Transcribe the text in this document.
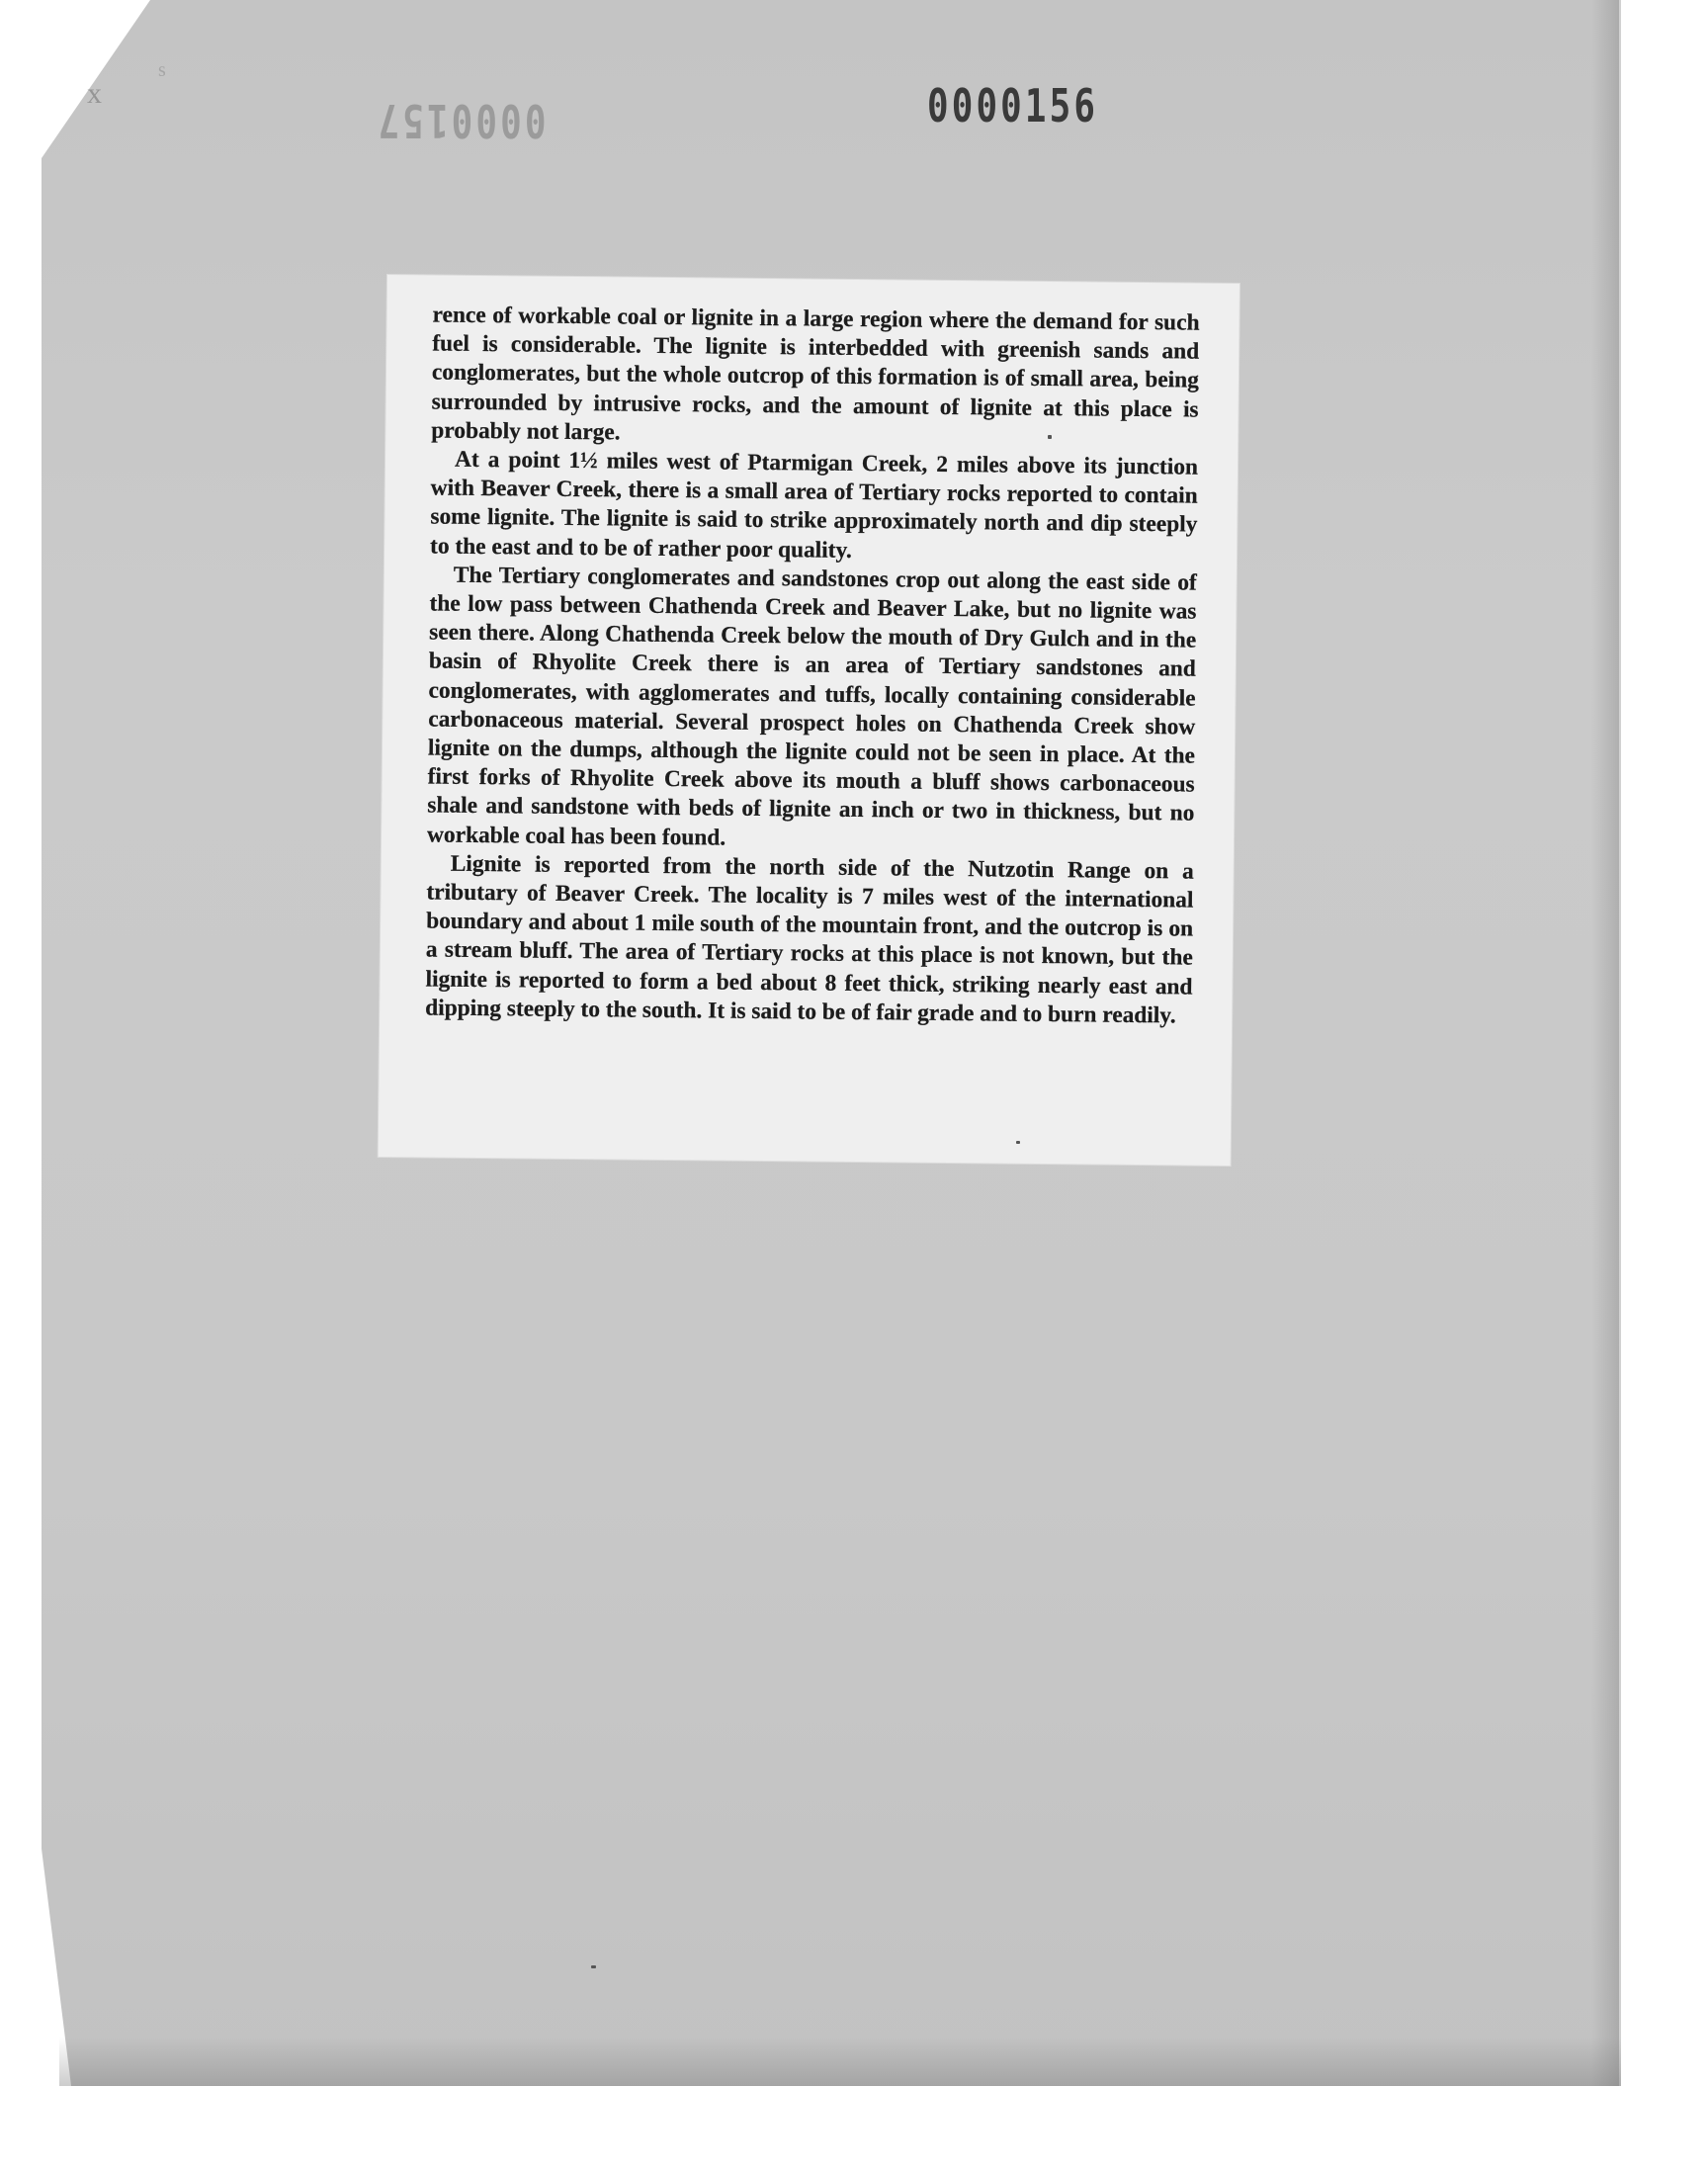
x
s
0000157	0000156

rence of workable coal or lignite in a large region where the demand for such fuel is considerable. The lignite is interbedded with greenish sands and conglomerates, but the whole outcrop of this formation is of small area, being surrounded by intrusive rocks, and the amount of lignite at this place is probably not large.

At a point 1½ miles west of Ptarmigan Creek, 2 miles above its junction with Beaver Creek, there is a small area of Tertiary rocks reported to contain some lignite. The lignite is said to strike approximately north and dip steeply to the east and to be of rather poor quality.

The Tertiary conglomerates and sandstones crop out along the east side of the low pass between Chathenda Creek and Beaver Lake, but no lignite was seen there. Along Chathenda Creek below the mouth of Dry Gulch and in the basin of Rhyolite Creek there is an area of Tertiary sandstones and conglomerates, with agglomerates and tuffs, locally containing considerable carbonaceous material. Several prospect holes on Chathenda Creek show lignite on the dumps, although the lignite could not be seen in place. At the first forks of Rhyolite Creek above its mouth a bluff shows carbonaceous shale and sandstone with beds of lignite an inch or two in thickness, but no workable coal has been found.

Lignite is reported from the north side of the Nutzotin Range on a tributary of Beaver Creek. The locality is 7 miles west of the international boundary and about 1 mile south of the mountain front, and the outcrop is on a stream bluff. The area of Tertiary rocks at this place is not known, but the lignite is reported to form a bed about 8 feet thick, striking nearly east and dipping steeply to the south. It is said to be of fair grade and to burn readily.
